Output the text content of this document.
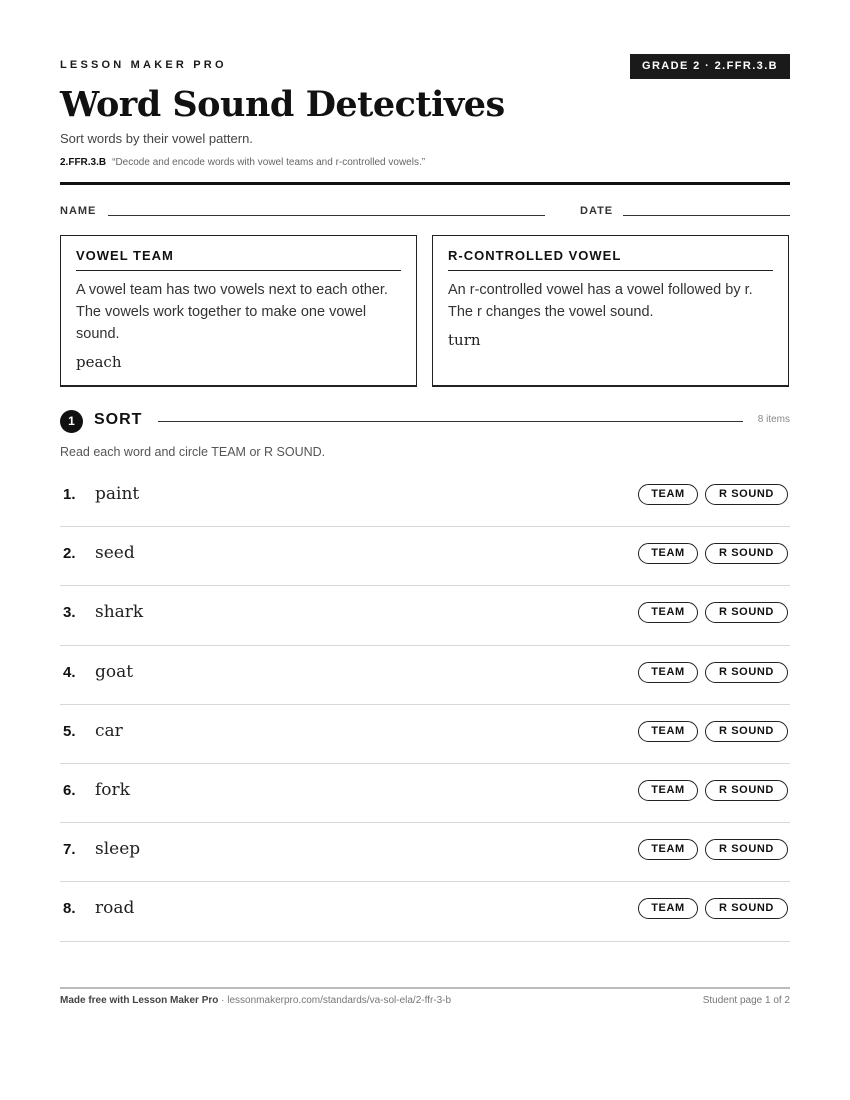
LESSON MAKER PRO	GRADE 2 · 2.FFR.3.B
Word Sound Detectives
Sort words by their vowel pattern.
2.FFR.3.B “Decode and encode words with vowel teams and r-controlled vowels.”
NAME	DATE
VOWEL TEAM
A vowel team has two vowels next to each other. The vowels work together to make one vowel sound.
peach
R-CONTROLLED VOWEL
An r-controlled vowel has a vowel followed by r. The r changes the vowel sound.
turn
1	SORT	8 items
Read each word and circle TEAM or R SOUND.
1. paint	TEAM	R SOUND
2. seed	TEAM	R SOUND
3. shark	TEAM	R SOUND
4. goat	TEAM	R SOUND
5. car	TEAM	R SOUND
6. fork	TEAM	R SOUND
7. sleep	TEAM	R SOUND
8. road	TEAM	R SOUND
Made free with Lesson Maker Pro · lessonmakerpro.com/standards/va-sol-ela/2-ffr-3-b	Student page 1 of 2
